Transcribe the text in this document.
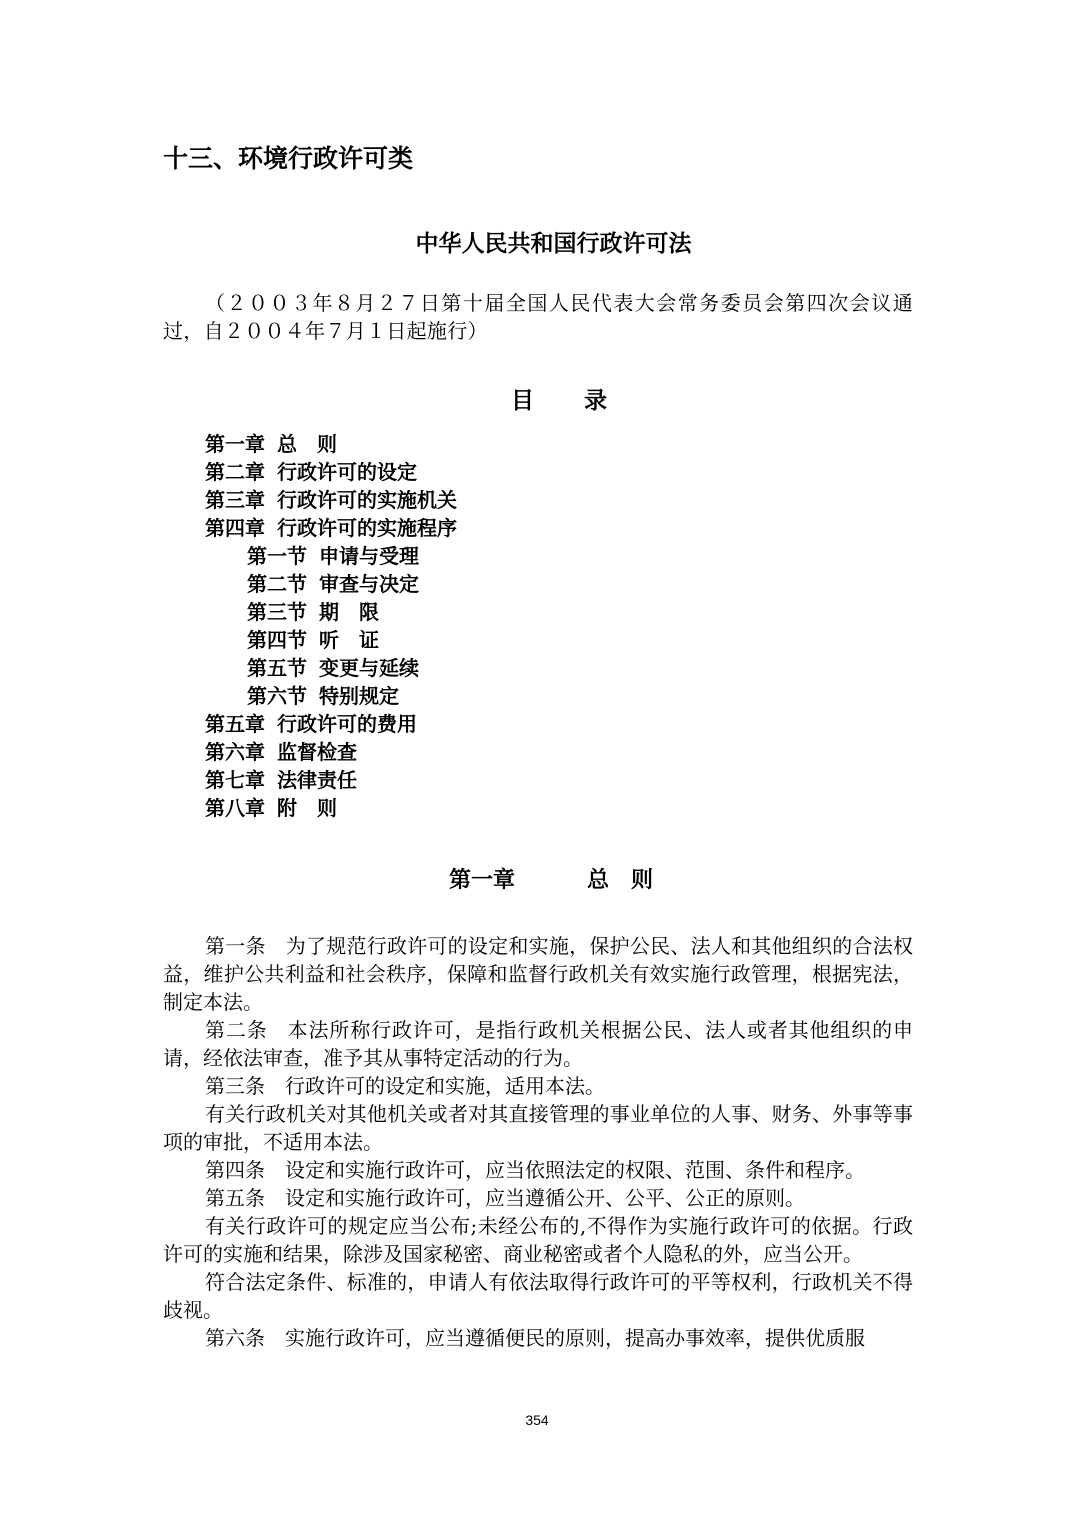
十三、环境行政许可类
中华人民共和国行政许可法

（２００３年８月２７日第十届全国人民代表大会常务委员会第四次会议通过，自２００４年７月１日起施行）

目 录
第一章 总　则
第二章 行政许可的设定
第三章 行政许可的实施机关
第四章 行政许可的实施程序
第一节 申请与受理
第二节 审查与决定
第三节 期　限
第四节 听　证
第五节 变更与延续
第六节 特别规定
第五章 行政许可的费用
第六章 监督检查
第七章 法律责任
第八章 附　则
第一章	总　则

第一条 为了规范行政许可的设定和实施，保护公民、法人和其他组织的合法权益，维护公共利益和社会秩序，保障和监督行政机关有效实施行政管理，根据宪法，制定本法。

第二条 本法所称行政许可，是指行政机关根据公民、法人或者其他组织的申请，经依法审查，准予其从事特定活动的行为。

第三条 行政许可的设定和实施，适用本法。

有关行政机关对其他机关或者对其直接管理的事业单位的人事、财务、外事等事项的审批，不适用本法。

第四条 设定和实施行政许可，应当依照法定的权限、范围、条件和程序。

第五条 设定和实施行政许可，应当遵循公开、公平、公正的原则。

有关行政许可的规定应当公布;未经公布的,不得作为实施行政许可的依据。行政许可的实施和结果，除涉及国家秘密、商业秘密或者个人隐私的外，应当公开。

符合法定条件、标准的，申请人有依法取得行政许可的平等权利，行政机关不得歧视。

第六条 实施行政许可，应当遵循便民的原则，提高办事效率，提供优质服

354
